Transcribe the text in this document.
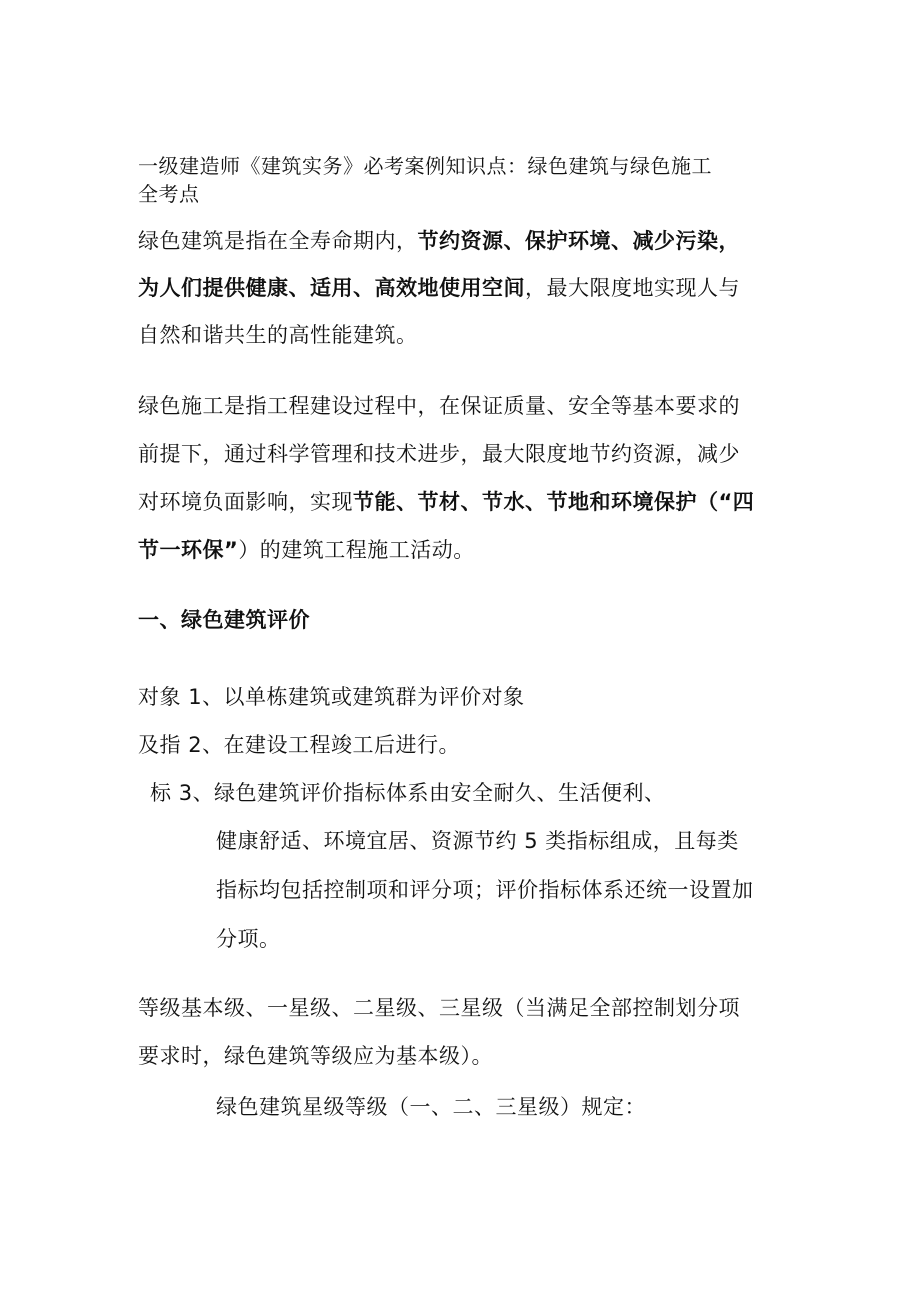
一级建造师《建筑实务》必考案例知识点：绿色建筑与绿色施工
全考点
绿色建筑是指在全寿命期内，节约资源、保护环境、减少污染，
为人们提供健康、适用、高效地使用空间，最大限度地实现人与
自然和谐共生的高性能建筑。
绿色施工是指工程建设过程中，在保证质量、安全等基本要求的
前提下，通过科学管理和技术进步，最大限度地节约资源，减少
对环境负面影响，实现节能、节材、节水、节地和环境保护（“四
节一环保”）的建筑工程施工活动。
一、绿色建筑评价
对象 1、以单栋建筑或建筑群为评价对象
及指 2、在建设工程竣工后进行。
标 3、绿色建筑评价指标体系由安全耐久、生活便利、
健康舒适、环境宜居、资源节约 5 类指标组成，且每类
指标均包括控制项和评分项；评价指标体系还统一设置加
分项。
等级基本级、一星级、二星级、三星级（当满足全部控制划分项
要求时，绿色建筑等级应为基本级）。
绿色建筑星级等级（一、二、三星级）规定：
